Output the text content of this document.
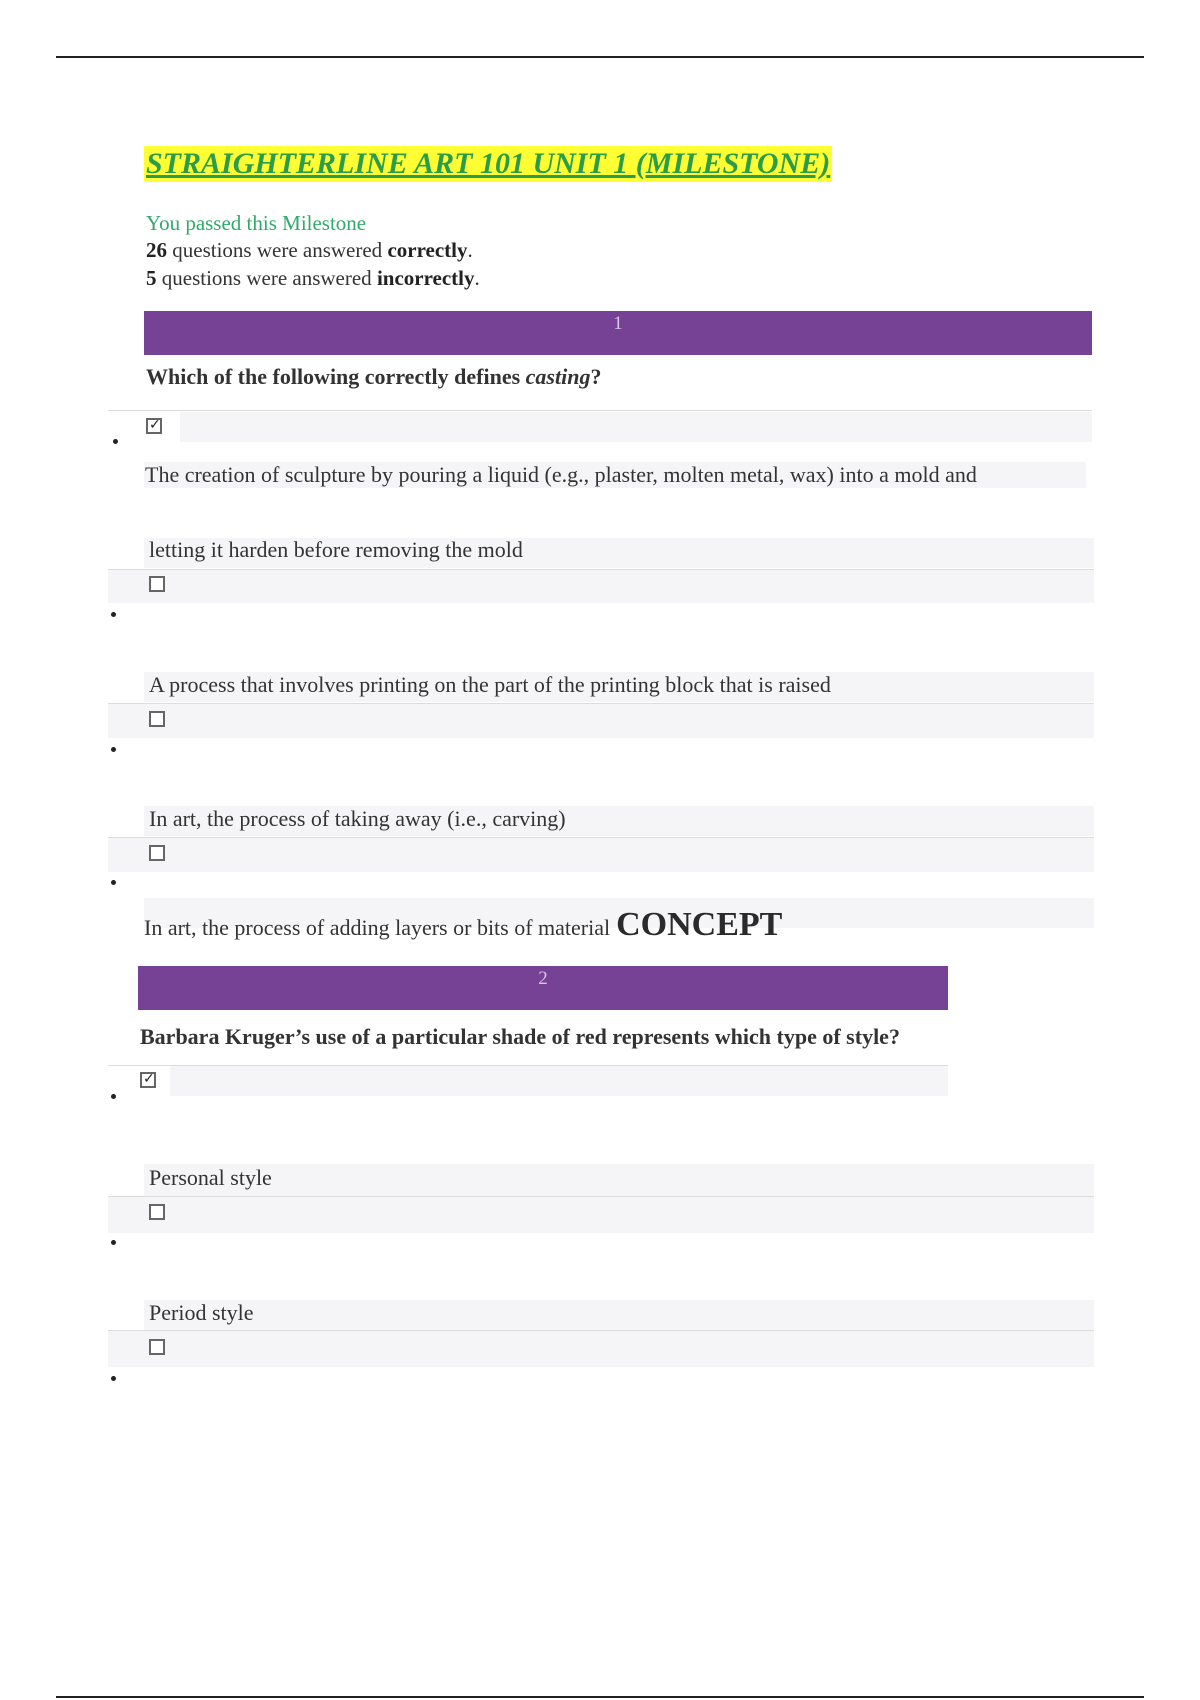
STRAIGHTERLINE ART 101 UNIT 1 (MILESTONE)
You passed this Milestone
26 questions were answered correctly.
5 questions were answered incorrectly.
1
Which of the following correctly defines casting?
✓
The creation of sculpture by pouring a liquid (e.g., plaster, molten metal, wax) into a mold and
letting it harden before removing the mold
A process that involves printing on the part of the printing block that is raised
In art, the process of taking away (i.e., carving)
In art, the process of adding layers or bits of material CONCEPT
2
Barbara Kruger’s use of a particular shade of red represents which type of style?
✓
Personal style
Period style
